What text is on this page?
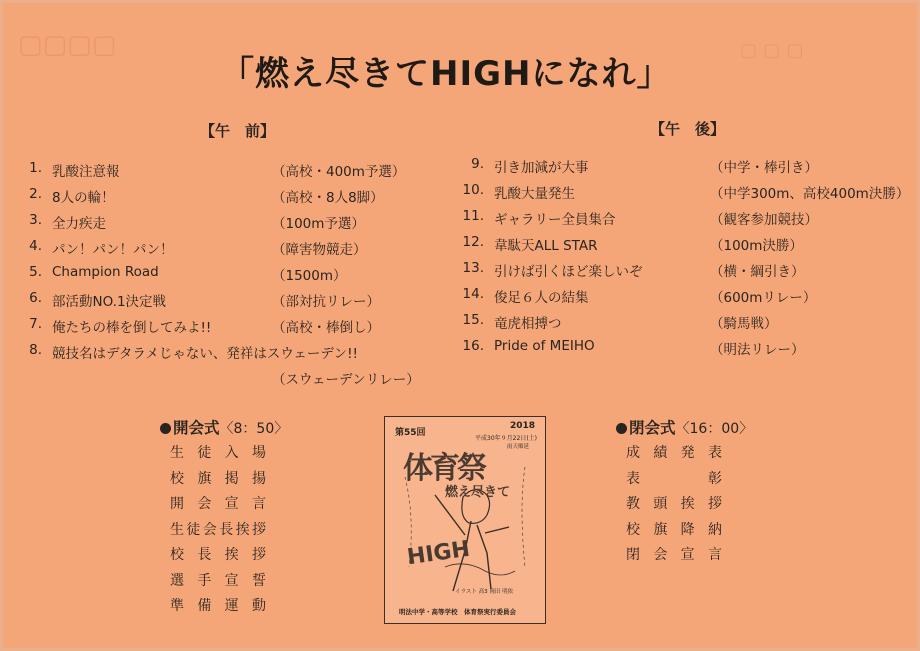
▢▢▢▢	▢ ▢ ▢
「燃え尽きてHIGHになれ」
【午　前】
1. 乳酸注意報	（高校・400m予選）
2. 8人の輪！	（高校・8人8脚）
3. 全力疾走	（100m予選）
4. パン！パン！パン！	（障害物競走）
5. Champion Road	（1500m）
6. 部活動NO.1決定戦	（部対抗リレー）
7. 俺たちの棒を倒してみよ!!	（高校・棒倒し）
8. 競技名はデタラメじゃない、発祥はスウェーデン!!
（スウェーデンリレー）
【午　後】
9. 引き加減が大事	（中学・棒引き）
10. 乳酸大量発生	（中学300m、高校400m決勝）
11. ギャラリー全員集合	（観客参加競技）
12. 韋駄天ALL STAR	（100m決勝）
13. 引けば引くほど楽しいぞ	（横・綱引き）
14. 俊足６人の結集	（600mリレー）
15. 竜虎相搏つ	（騎馬戦）
16. Pride of MEIHO	（明法リレー）
開会式〈8：50〉
生徒入場
校旗掲揚
開会宣言
生徒会長挨拶
校長挨拶
選手宣誓
準備運動
第55回
2018
平成30年９月22日(土)
雨天順延
体育祭
燃え尽きて
HIGH
イラスト 高3 岡田 明依
明法中学・高等学校　体育祭実行委員会
閉会式〈16：00〉
成績発表
表彰
教頭挨拶
校旗降納
閉会宣言
